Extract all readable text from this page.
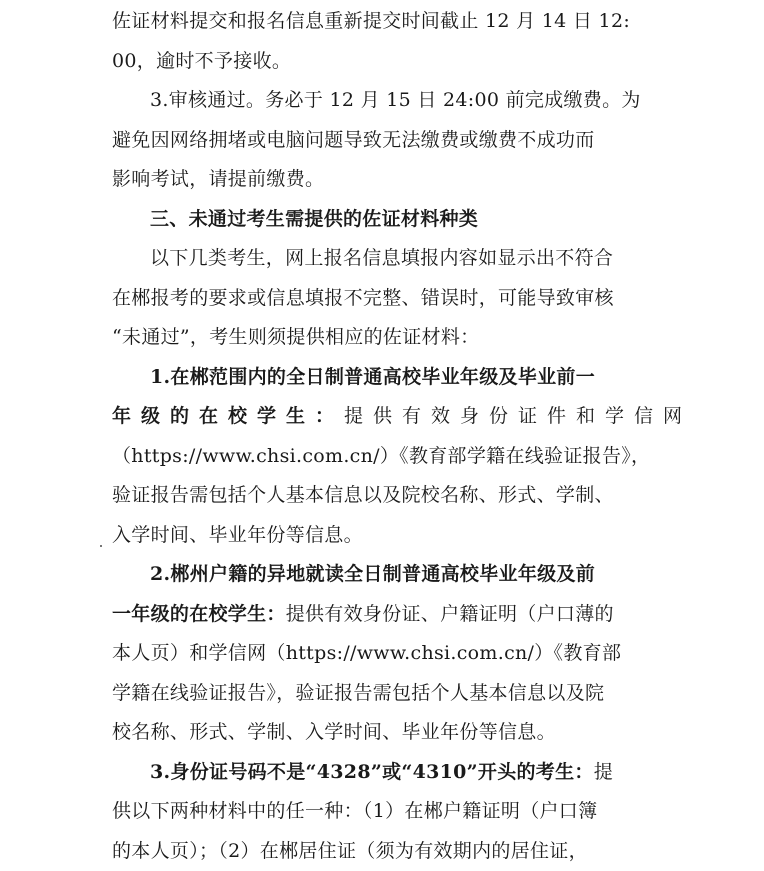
佐证材料提交和报名信息重新提交时间截止 12 月 14 日 12:
00，逾时不予接收。
3.审核通过。务必于 12 月 15 日 24:00 前完成缴费。为
避免因网络拥堵或电脑问题导致无法缴费或缴费不成功而
影响考试，请提前缴费。
三、未通过考生需提供的佐证材料种类
以下几类考生，网上报名信息填报内容如显示出不符合
在郴报考的要求或信息填报不完整、错误时，可能导致审核
“未通过”，考生则须提供相应的佐证材料：
1.在郴范围内的全日制普通高校毕业年级及毕业前一
年级的在校学生： 提供有效身份证件和学信网
（https://www.chsi.com.cn/）《教育部学籍在线验证报告》，
验证报告需包括个人基本信息以及院校名称、形式、学制、
入学时间、毕业年份等信息。
2.郴州户籍的异地就读全日制普通高校毕业年级及前
一年级的在校学生：提供有效身份证、户籍证明（户口薄的
本人页）和学信网（https://www.chsi.com.cn/）《教育部
学籍在线验证报告》，验证报告需包括个人基本信息以及院
校名称、形式、学制、入学时间、毕业年份等信息。
3.身份证号码不是“4328”或“4310”开头的考生：提
供以下两种材料中的任一种：（1）在郴户籍证明（户口簿
的本人页）；（2）在郴居住证（须为有效期内的居住证，
